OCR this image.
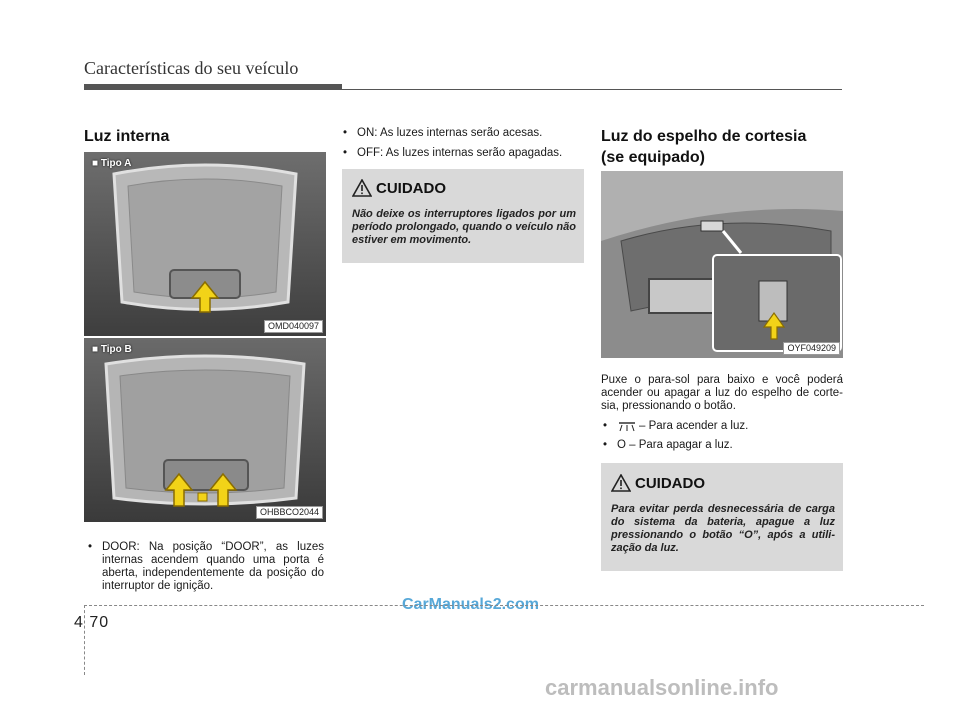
Características do seu veículo
Luz interna
■ Tipo A
OMD040097
■ Tipo B
OHBBCO2044
• DOOR: Na posição “DOOR”, as luzes internas acendem quando uma porta é aberta, independentemente da posição do interruptor de ignição.
• ON: As luzes internas serão acesas.
• OFF: As luzes internas serão apagadas.
CUIDADO
Não deixe os interruptores ligados por um período prolongado, quando o veículo não estiver em movimento.
Luz do espelho de cortesia
(se equipado)
OYF049209
Puxe o para-sol para baixo e você poderá acender ou apagar a luz do espelho de cortesia, pressionando o botão.
•	– Para acender a luz.
• O – Para apagar a luz.
CUIDADO
Para evitar perda desnecessária de carga do sistema da bateria, apague a luz pressionando o botão “O”, após a utilização da luz.
CarManuals2.com
4 70
carmanualsonline.info
